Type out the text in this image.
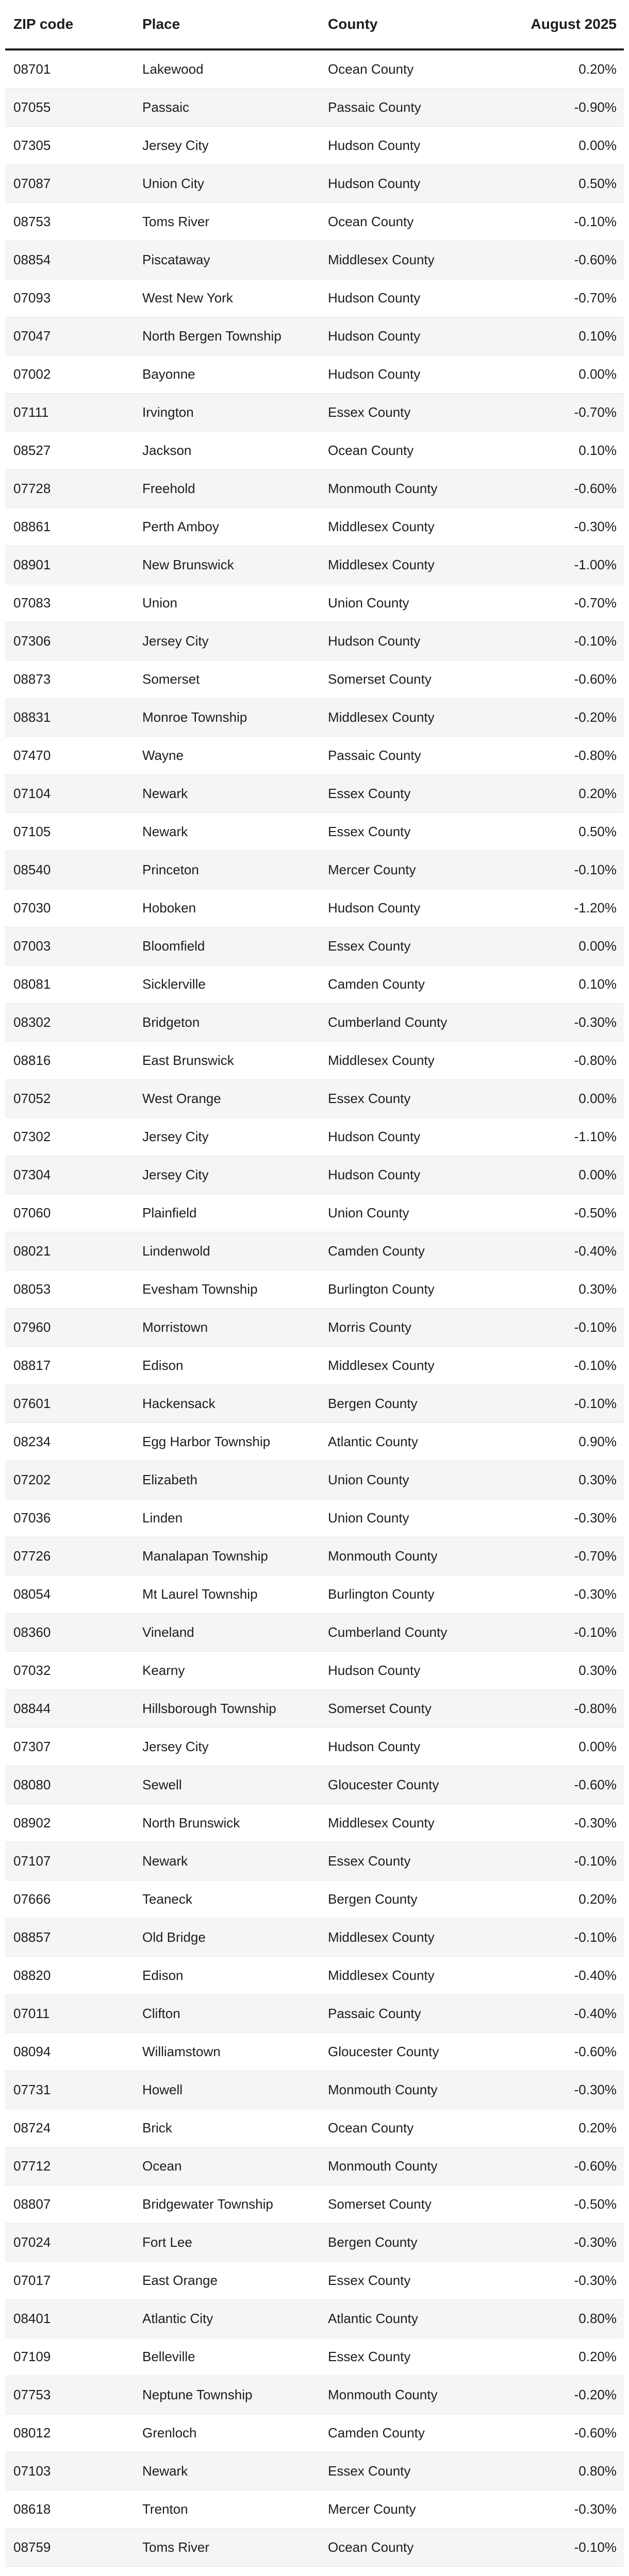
ZIP code	Place	County	August 2025
08701	Lakewood	Ocean County	0.20%
07055	Passaic	Passaic County	-0.90%
07305	Jersey City	Hudson County	0.00%
07087	Union City	Hudson County	0.50%
08753	Toms River	Ocean County	-0.10%
08854	Piscataway	Middlesex County	-0.60%
07093	West New York	Hudson County	-0.70%
07047	North Bergen Township	Hudson County	0.10%
07002	Bayonne	Hudson County	0.00%
07111	Irvington	Essex County	-0.70%
08527	Jackson	Ocean County	0.10%
07728	Freehold	Monmouth County	-0.60%
08861	Perth Amboy	Middlesex County	-0.30%
08901	New Brunswick	Middlesex County	-1.00%
07083	Union	Union County	-0.70%
07306	Jersey City	Hudson County	-0.10%
08873	Somerset	Somerset County	-0.60%
08831	Monroe Township	Middlesex County	-0.20%
07470	Wayne	Passaic County	-0.80%
07104	Newark	Essex County	0.20%
07105	Newark	Essex County	0.50%
08540	Princeton	Mercer County	-0.10%
07030	Hoboken	Hudson County	-1.20%
07003	Bloomfield	Essex County	0.00%
08081	Sicklerville	Camden County	0.10%
08302	Bridgeton	Cumberland County	-0.30%
08816	East Brunswick	Middlesex County	-0.80%
07052	West Orange	Essex County	0.00%
07302	Jersey City	Hudson County	-1.10%
07304	Jersey City	Hudson County	0.00%
07060	Plainfield	Union County	-0.50%
08021	Lindenwold	Camden County	-0.40%
08053	Evesham Township	Burlington County	0.30%
07960	Morristown	Morris County	-0.10%
08817	Edison	Middlesex County	-0.10%
07601	Hackensack	Bergen County	-0.10%
08234	Egg Harbor Township	Atlantic County	0.90%
07202	Elizabeth	Union County	0.30%
07036	Linden	Union County	-0.30%
07726	Manalapan Township	Monmouth County	-0.70%
08054	Mt Laurel Township	Burlington County	-0.30%
08360	Vineland	Cumberland County	-0.10%
07032	Kearny	Hudson County	0.30%
08844	Hillsborough Township	Somerset County	-0.80%
07307	Jersey City	Hudson County	0.00%
08080	Sewell	Gloucester County	-0.60%
08902	North Brunswick	Middlesex County	-0.30%
07107	Newark	Essex County	-0.10%
07666	Teaneck	Bergen County	0.20%
08857	Old Bridge	Middlesex County	-0.10%
08820	Edison	Middlesex County	-0.40%
07011	Clifton	Passaic County	-0.40%
08094	Williamstown	Gloucester County	-0.60%
07731	Howell	Monmouth County	-0.30%
08724	Brick	Ocean County	0.20%
07712	Ocean	Monmouth County	-0.60%
08807	Bridgewater Township	Somerset County	-0.50%
07024	Fort Lee	Bergen County	-0.30%
07017	East Orange	Essex County	-0.30%
08401	Atlantic City	Atlantic County	0.80%
07109	Belleville	Essex County	0.20%
07753	Neptune Township	Monmouth County	-0.20%
08012	Grenloch	Camden County	-0.60%
07103	Newark	Essex County	0.80%
08618	Trenton	Mercer County	-0.30%
08759	Toms River	Ocean County	-0.10%
